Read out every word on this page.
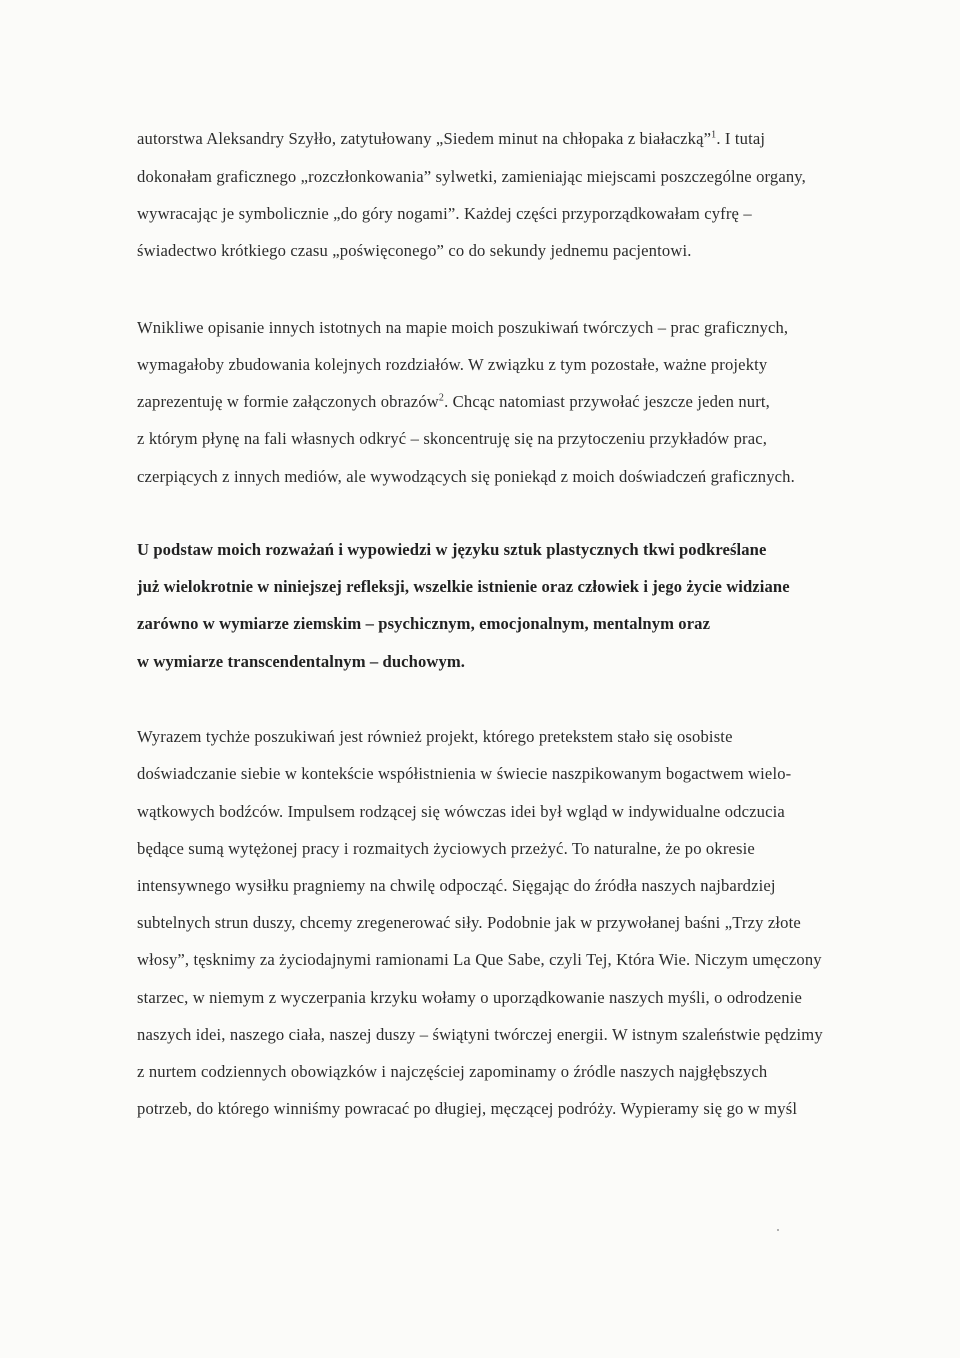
autorstwa Aleksandry Szyłło, zatytułowany „Siedem minut na chłopaka z białaczką”$^1$. I tutaj
dokonałam graficznego „rozczłonkowania” sylwetki, zamieniając miejscami poszczególne organy,
wywracając je symbolicznie „do góry nogami”. Każdej części przyporządkowałam cyfrę –
świadectwo krótkiego czasu „poświęconego” co do sekundy jednemu pacjentowi.
Wnikliwe opisanie innych istotnych na mapie moich poszukiwań twórczych – prac graficznych,
wymagałoby zbudowania kolejnych rozdziałów. W związku z tym pozostałe, ważne projekty
zaprezentuję w formie załączonych obrazów$^2$. Chcąc natomiast przywołać jeszcze jeden nurt,
z którym płynę na fali własnych odkryć – skoncentruję się na przytoczeniu przykładów prac,
czerpiących z innych mediów, ale wywodzących się poniekąd z moich doświadczeń graficznych.
U podstaw moich rozważań i wypowiedzi w języku sztuk plastycznych tkwi podkreślane
już wielokrotnie w niniejszej refleksji, wszelkie istnienie oraz człowiek i jego życie widziane
zarówno w wymiarze ziemskim – psychicznym, emocjonalnym, mentalnym oraz
w wymiarze transcendentalnym – duchowym.
Wyrazem tychże poszukiwań jest również projekt, którego pretekstem stało się osobiste
doświadczanie siebie w kontekście współistnienia w świecie naszpikowanym bogactwem wielo-
wątkowych bodźców. Impulsem rodzącej się wówczas idei był wgląd w indywidualne odczucia
będące sumą wytężonej pracy i rozmaitych życiowych przeżyć. To naturalne, że po okresie
intensywnego wysiłku pragniemy na chwilę odpocząć. Sięgając do źródła naszych najbardziej
subtelnych strun duszy, chcemy zregenerować siły. Podobnie jak w przywołanej baśni „Trzy złote
włosy”, tęsknimy za życiodajnymi ramionami La Que Sabe, czyli Tej, Która Wie. Niczym umęczony
starzec, w niemym z wyczerpania krzyku wołamy o uporządkowanie naszych myśli, o odrodzenie
naszych idei, naszego ciała, naszej duszy – świątyni twórczej energii. W istnym szaleństwie pędzimy
z nurtem codziennych obowiązków i najczęściej zapominamy o źródle naszych najgłębszych
potrzeb, do którego winniśmy powracać po długiej, męczącej podróży. Wypieramy się go w myśl
